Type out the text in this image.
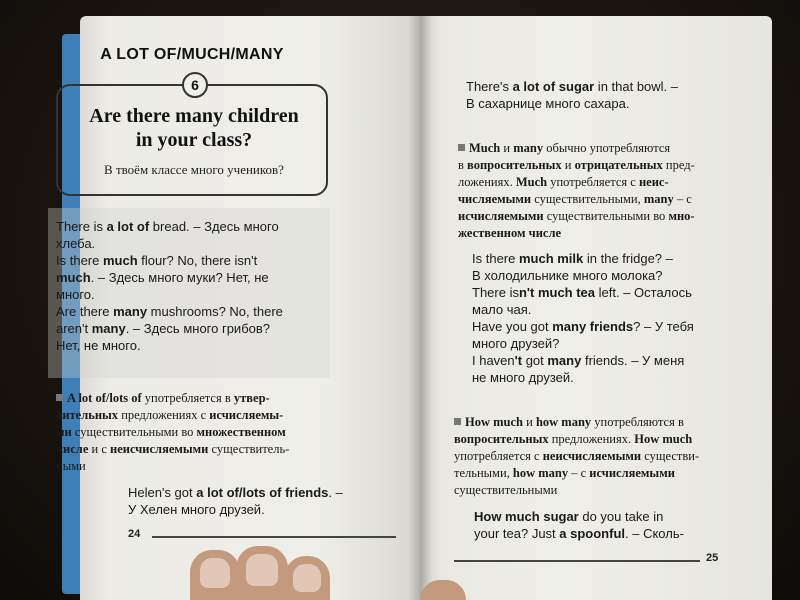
A LOT OF/MUCH/MANY
6
Are there many children
in your class?
В твоём классе много учеников?
There is a lot of bread. – Здесь много
хлеба.
Is there much flour? No, there isn't
much. – Здесь много муки? Нет, не
много.
Are there many mushrooms? No, there
aren't many. – Здесь много грибов?
Нет, не много.
A lot of/lots of употребляется в утвер-
дительных предложениях с исчисляемы-
ми существительными во множественном
числе и с неисчисляемыми существитель-
ными
Helen's got a lot of/lots of friends. –
У Хелен много друзей.
24
There's a lot of sugar in that bowl. –
В сахарнице много сахара.
Much и many обычно употребляются
в вопросительных и отрицательных пред-
ложениях. Much употребляется с неис-
числяемыми существительными, many – с
исчисляемыми существительными во мно-
жественном числе
Is there much milk in the fridge? –
В холодильнике много молока?
There isn't much tea left. – Осталось
мало чая.
Have you got many friends? – У тебя
много друзей?
I haven't got many friends. – У меня
не много друзей.
How much и how many употребляются в
вопросительных предложениях. How much
употребляется с неисчисляемыми существи-
тельными, how many – с исчисляемыми
существительными
How much sugar do you take in
your tea? Just a spoonful. – Сколь-
25
